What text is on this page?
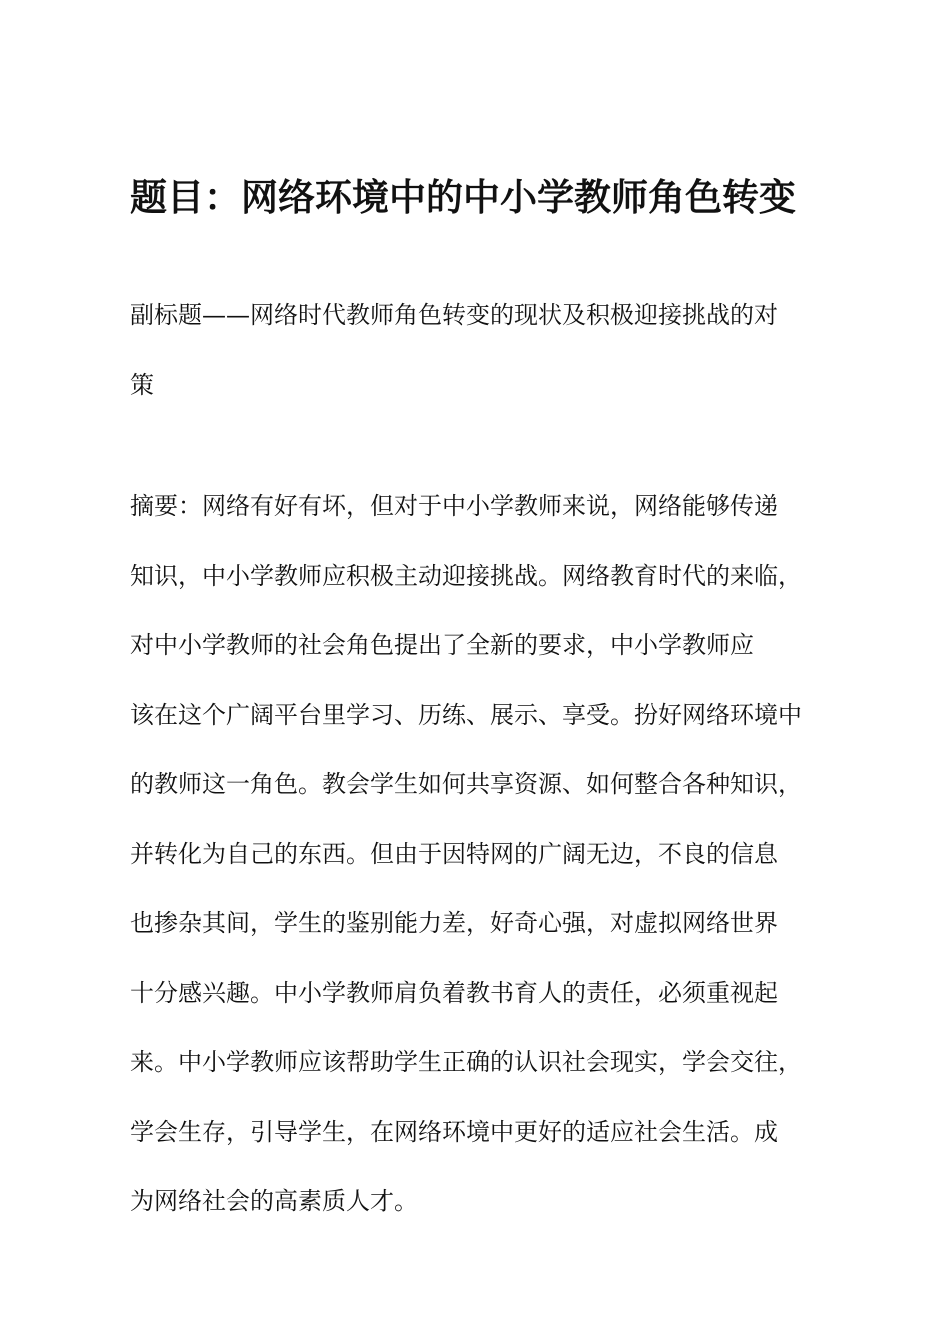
题目：网络环境中的中小学教师角色转变
副标题——网络时代教师角色转变的现状及积极迎接挑战的对
策
摘要：网络有好有坏，但对于中小学教师来说，网络能够传递
知识，中小学教师应积极主动迎接挑战。网络教育时代的来临，
对中小学教师的社会角色提出了全新的要求，中小学教师应
该在这个广阔平台里学习、历练、展示、享受。扮好网络环境中
的教师这一角色。教会学生如何共享资源、如何整合各种知识，
并转化为自己的东西。但由于因特网的广阔无边，不良的信息
也掺杂其间，学生的鉴别能力差，好奇心强，对虚拟网络世界
十分感兴趣。中小学教师肩负着教书育人的责任，必须重视起
来。中小学教师应该帮助学生正确的认识社会现实，学会交往，
学会生存，引导学生，在网络环境中更好的适应社会生活。成
为网络社会的高素质人才。
